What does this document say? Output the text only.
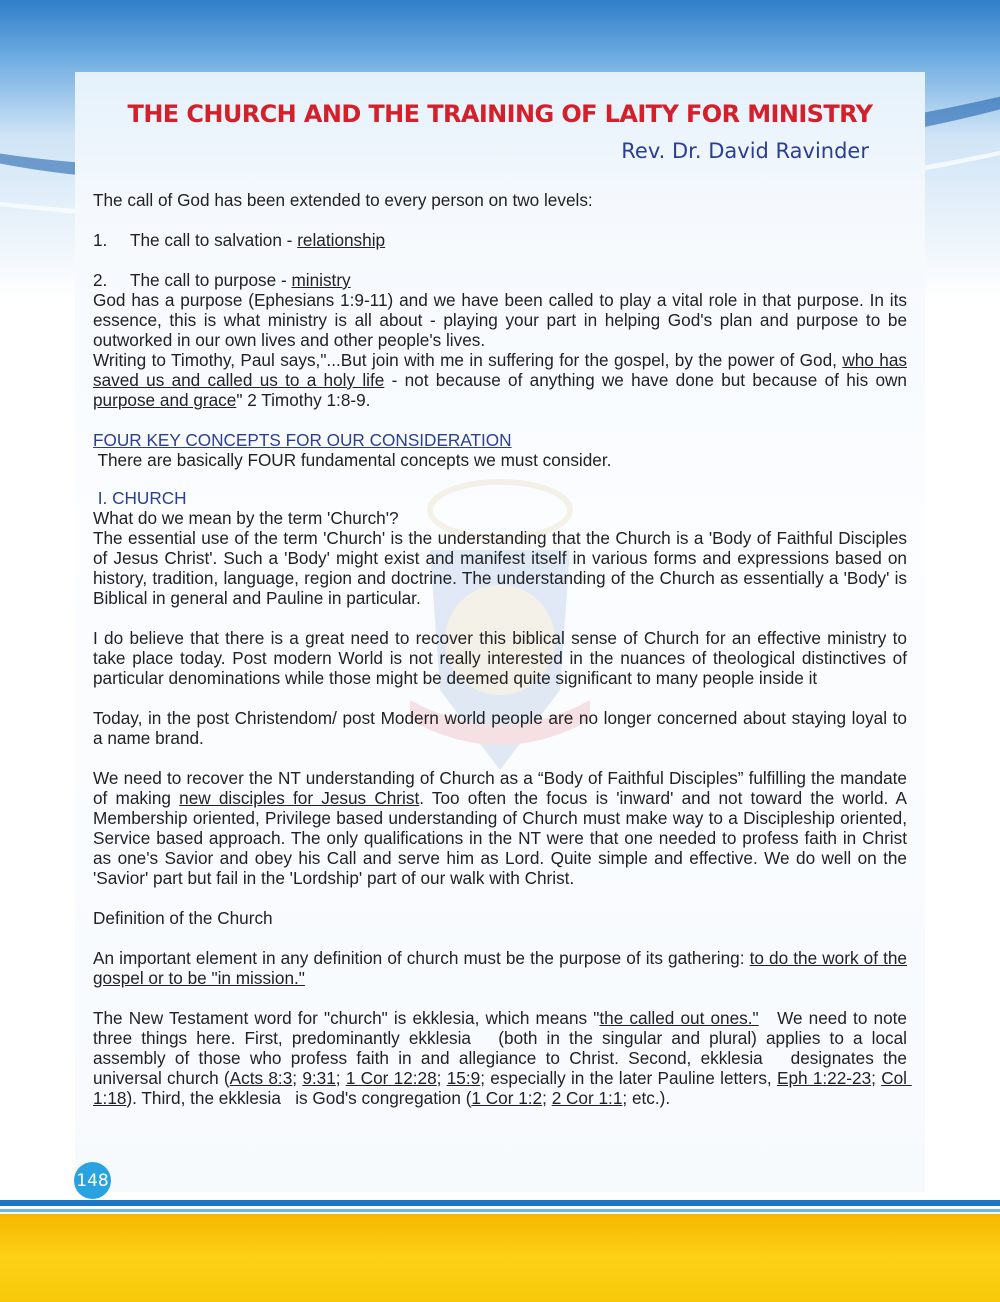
THE CHURCH AND THE TRAINING OF LAITY FOR MINISTRY

Rev. Dr. David Ravinder

The call of God has been extended to every person on two levels:

1.	The call to salvation - relationship
2.	The call to purpose - ministry

God has a purpose (Ephesians 1:9-11) and we have been called to play a vital role in that purpose. In its essence, this is what ministry is all about - playing your part in helping God's plan and purpose to be outworked in our own lives and other people's lives.

Writing to Timothy, Paul says,"...But join with me in suffering for the gospel, by the power of God, who has saved us and called us to a holy life - not because of anything we have done but because of his own purpose and grace" 2 Timothy 1:8-9.

FOUR KEY CONCEPTS FOR OUR CONSIDERATION

There are basically FOUR fundamental concepts we must consider.

I. CHURCH

What do we mean by the term 'Church'?

The essential use of the term 'Church' is the understanding that the Church is a 'Body of Faithful Disciples of Jesus Christ'. Such a 'Body' might exist and manifest itself in various forms and expressions based on history, tradition, language, region and doctrine. The understanding of the Church as essentially a 'Body' is Biblical in general and Pauline in particular.

I do believe that there is a great need to recover this biblical sense of Church for an effective ministry to take place today. Post modern World is not really interested in the nuances of theological distinctives of particular denominations while those might be deemed quite significant to many people inside it

Today, in the post Christendom/ post Modern world people are no longer concerned about staying loyal to a name brand.

We need to recover the NT understanding of Church as a “Body of Faithful Disciples” fulfilling the mandate of making new disciples for Jesus Christ. Too often the focus is 'inward' and not toward the world. A Membership oriented, Privilege based understanding of Church must make way to a Discipleship oriented, Service based approach. The only qualifications in the NT were that one needed to profess faith in Christ as one's Savior and obey his Call and serve him as Lord. Quite simple and effective. We do well on the 'Savior' part but fail in the 'Lordship' part of our walk with Christ.

Definition of the Church

An important element in any definition of church must be the purpose of its gathering: to do the work of the gospel or to be "in mission."

The New Testament word for "church" is ekklesia, which means "the called out ones."   We need to note three things here. First, predominantly ekklesia   (both in the singular and plural) applies to a local assembly of those who profess faith in and allegiance to Christ. Second, ekklesia   designates the universal church (Acts 8:3; 9:31; 1 Cor 12:28; 15:9; especially in the later Pauline letters, Eph 1:22-23; Col 1:18). Third, the ekklesia   is God's congregation (1 Cor 1:2; 2 Cor 1:1; etc.).

148
